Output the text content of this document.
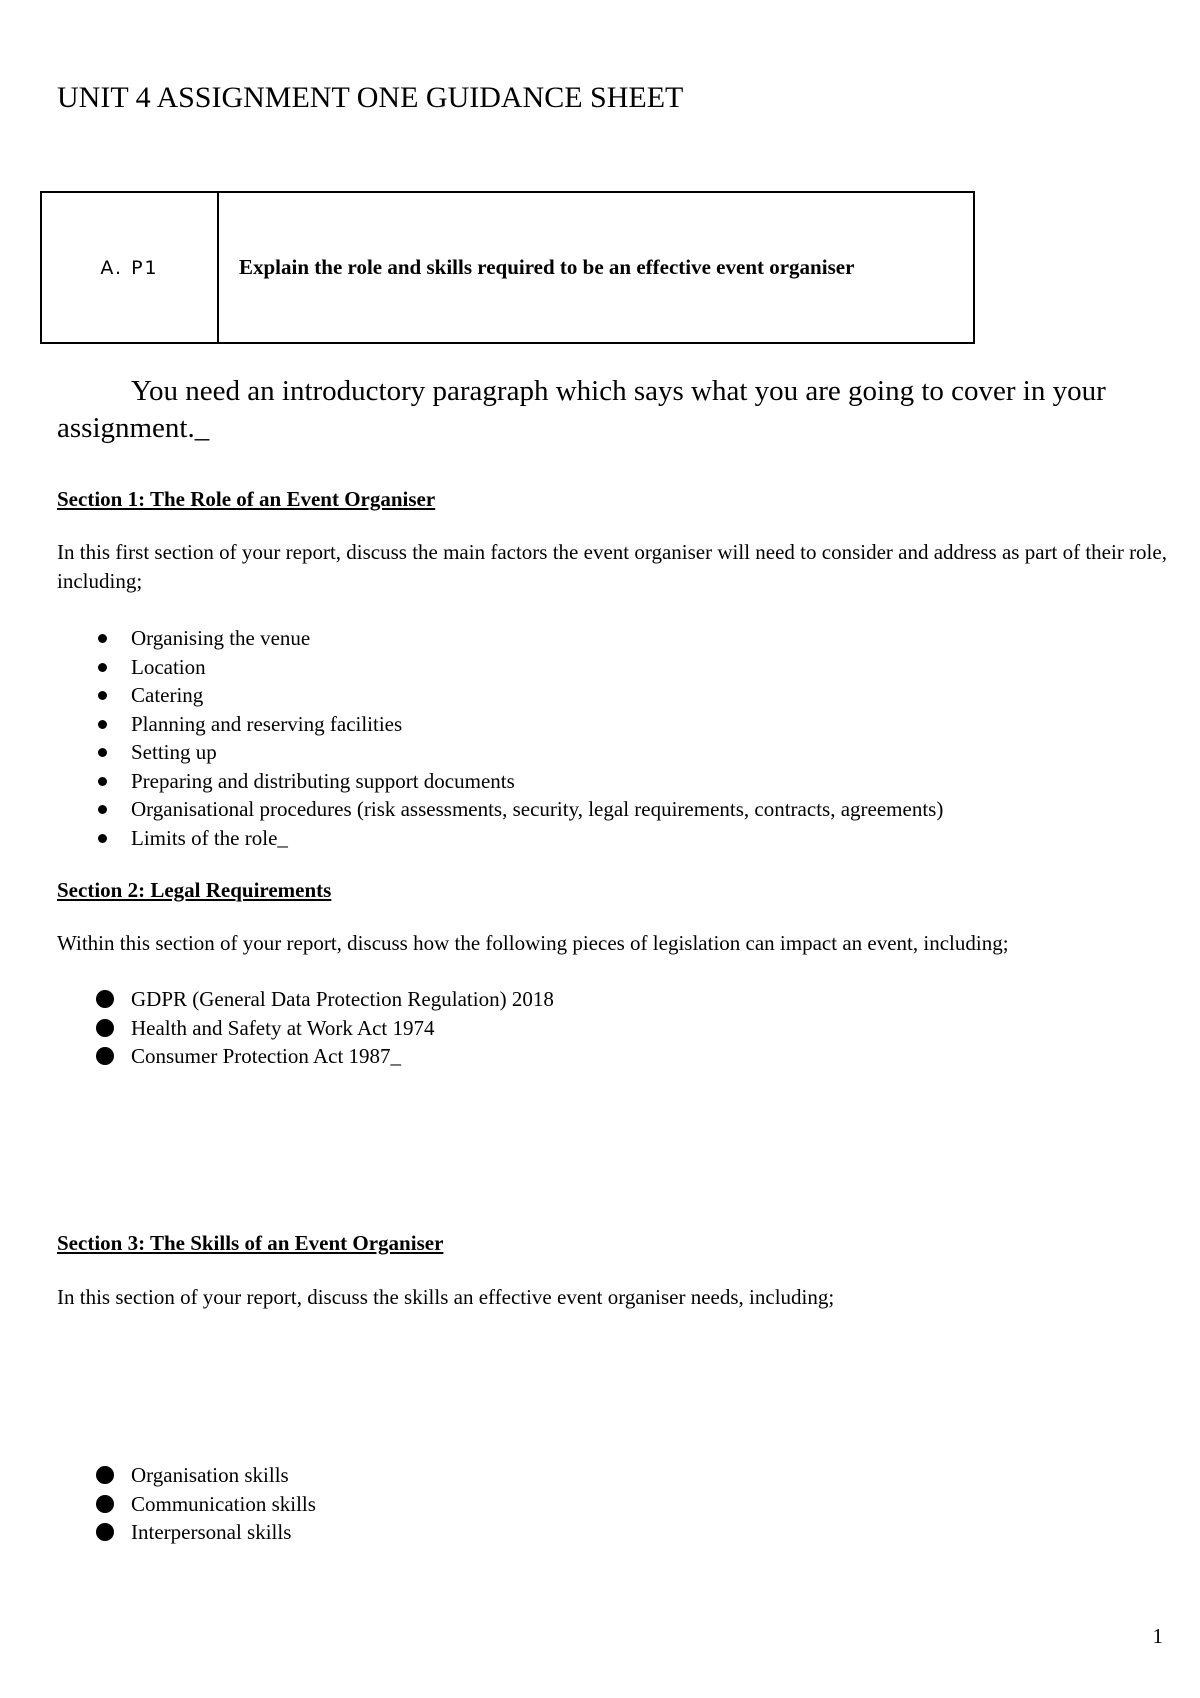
UNIT 4 ASSIGNMENT ONE GUIDANCE SHEET
A. P1	Explain the role and skills required to be an effective event organiser

You need an introductory paragraph which says what you are going to cover in your assignment._

Section 1: The Role of an Event Organiser

In this first section of your report, discuss the main factors the event organiser will need to consider and address as part of their role, including;

Organising the venue
Location
Catering
Planning and reserving facilities
Setting up
Preparing and distributing support documents
Organisational procedures (risk assessments, security, legal requirements, contracts, agreements)
Limits of the role_
Section 2: Legal Requirements

Within this section of your report, discuss how the following pieces of legislation can impact an event, including;

GDPR (General Data Protection Regulation) 2018
Health and Safety at Work Act 1974
Consumer Protection Act 1987_
Section 3: The Skills of an Event Organiser

In this section of your report, discuss the skills an effective event organiser needs, including;

Organisation skills
Communication skills
Interpersonal skills
1
